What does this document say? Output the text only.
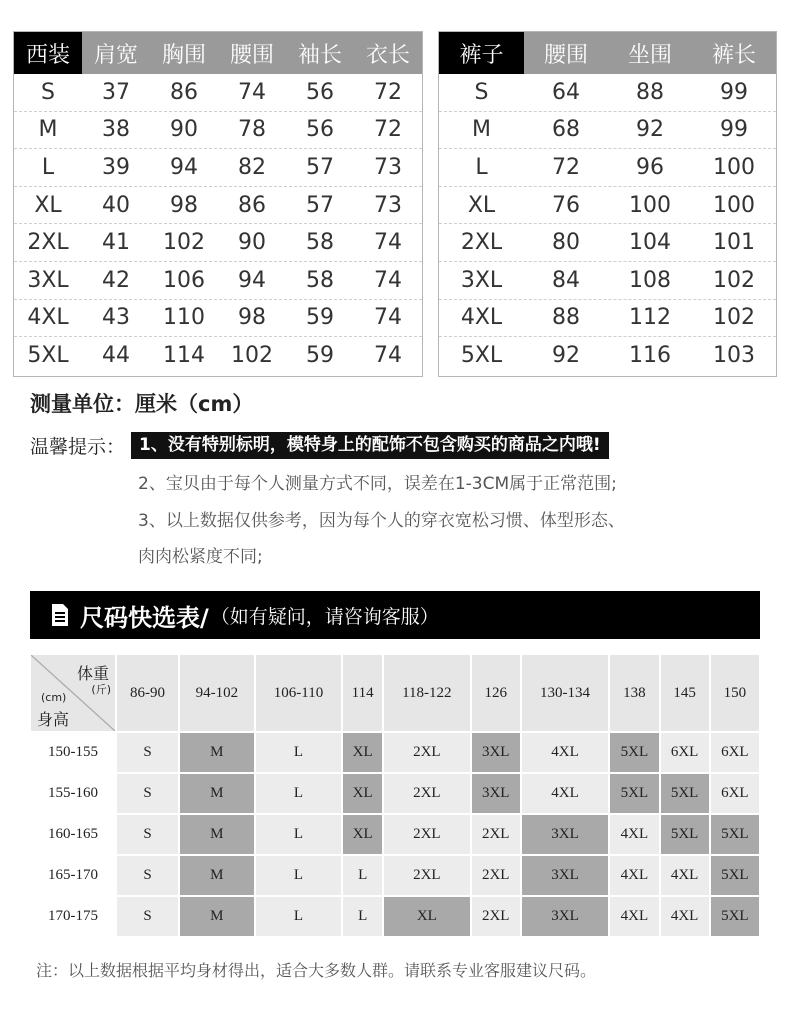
西装	肩宽	胸围	腰围	袖长	衣长
S	37	86	74	56	72
M	38	90	78	56	72
L	39	94	82	57	73
XL	40	98	86	57	73
2XL	41	102	90	58	74
3XL	42	106	94	58	74
4XL	43	110	98	59	74
5XL	44	114	102	59	74
裤子	腰围	坐围	裤长
S	64	88	99
M	68	92	99
L	72	96	100
XL	76	100	100
2XL	80	104	101
3XL	84	108	102
4XL	88	112	102
5XL	92	116	103
测量单位：厘米（cm）
温馨提示： 1、没有特别标明，模特身上的配饰不包含购买的商品之内哦!
2、宝贝由于每个人测量方式不同，误差在1-3CM属于正常范围;
3、以上数据仅供参考，因为每个人的穿衣宽松习惯、体型形态、
肉肉松紧度不同;
尺码快选表/ （如有疑问，请咨询客服）
体重
(斤)
(cm)
身高	86-90	94-102	106-110	114	118-122	126	130-134	138	145	150
150-155	S	M	L	XL	2XL	3XL	4XL	5XL	6XL	6XL
155-160	S	M	L	XL	2XL	3XL	4XL	5XL	5XL	6XL
160-165	S	M	L	XL	2XL	2XL	3XL	4XL	5XL	5XL
165-170	S	M	L	L	2XL	2XL	3XL	4XL	4XL	5XL
170-175	S	M	L	L	XL	2XL	3XL	4XL	4XL	5XL
注：以上数据根据平均身材得出，适合大多数人群。请联系专业客服建议尺码。
